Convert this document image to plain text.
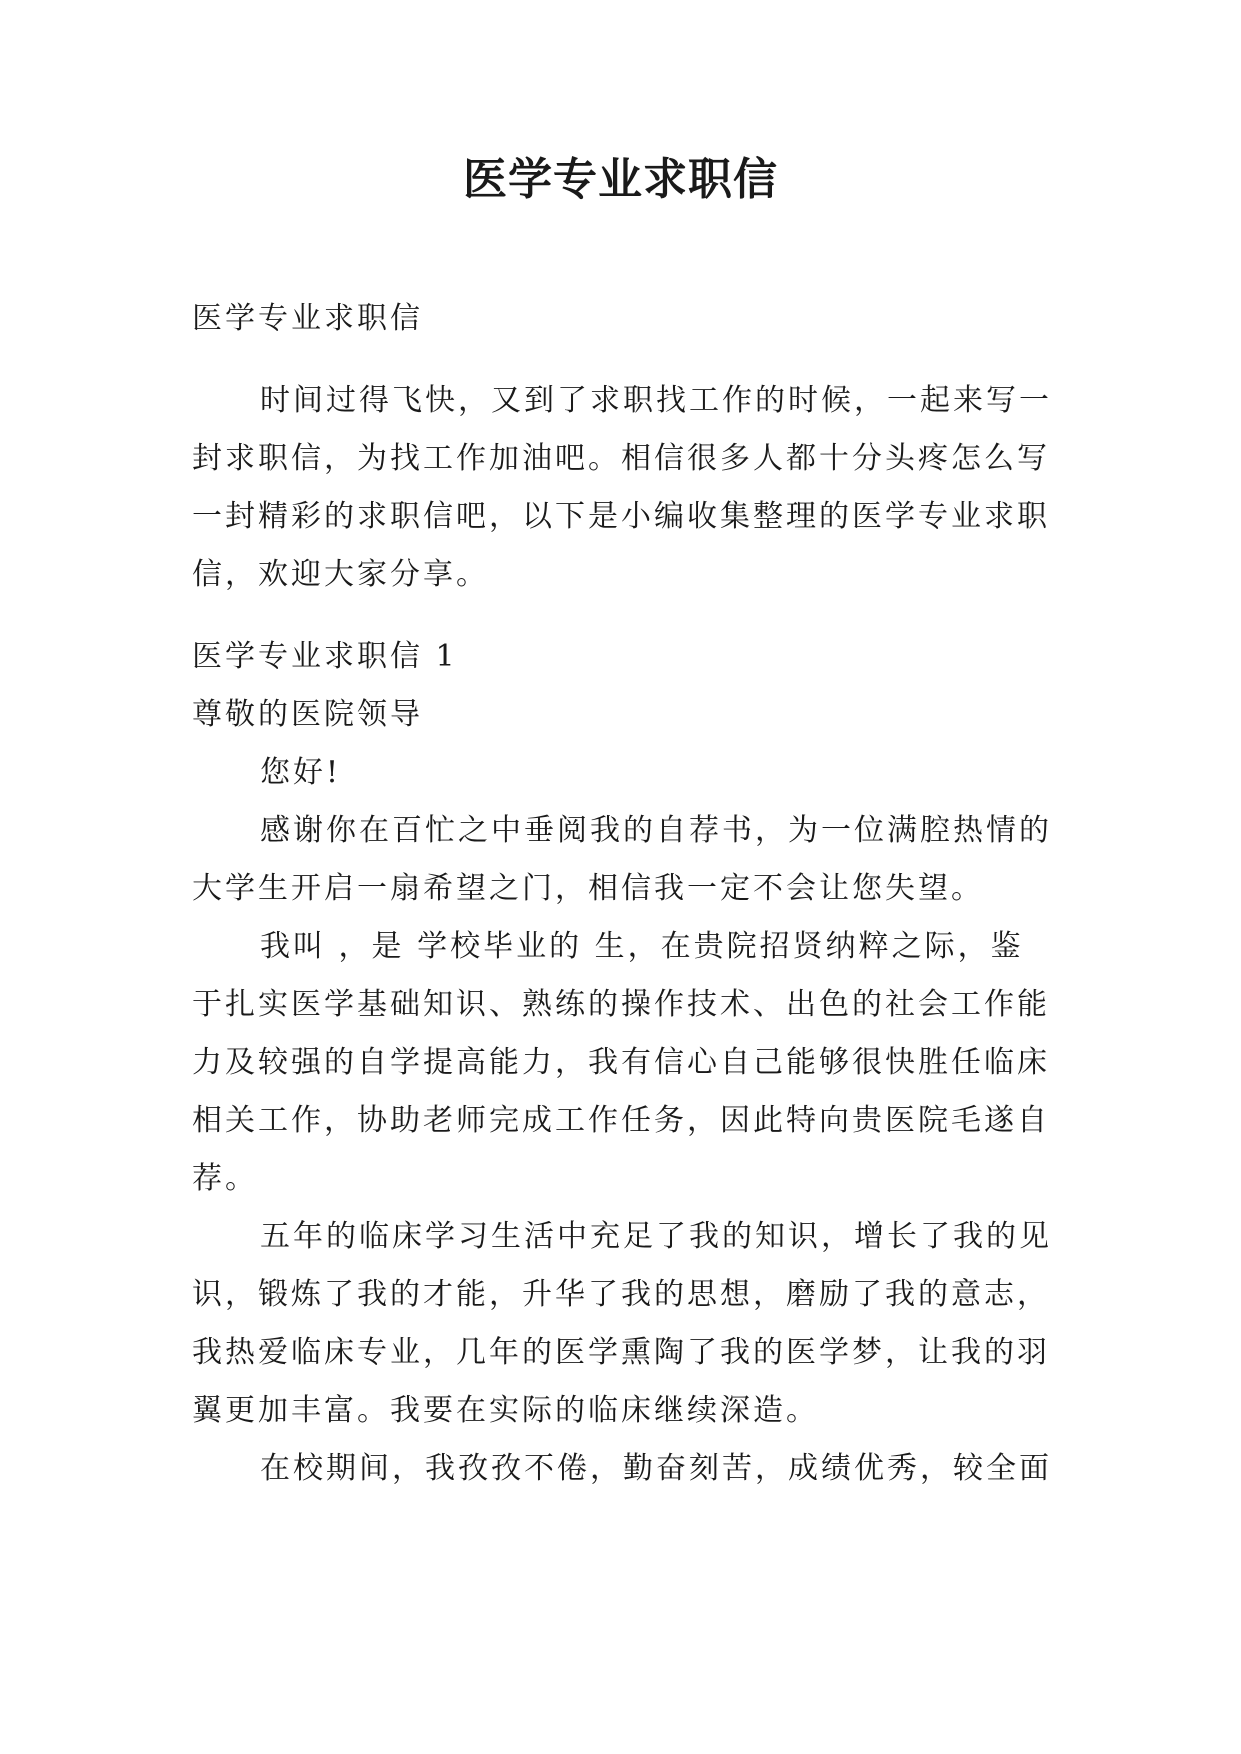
医学专业求职信
医学专业求职信
时间过得飞快，又到了求职找工作的时候，一起来写一
封求职信，为找工作加油吧。相信很多人都十分头疼怎么写
一封精彩的求职信吧，以下是小编收集整理的医学专业求职
信，欢迎大家分享。
医学专业求职信 1
尊敬的医院领导
您好!
感谢你在百忙之中垂阅我的自荐书，为一位满腔热情的
大学生开启一扇希望之门，相信我一定不会让您失望。
我叫 ，是 学校毕业的 生，在贵院招贤纳粹之际，鉴
于扎实医学基础知识、熟练的操作技术、出色的社会工作能
力及较强的自学提高能力，我有信心自己能够很快胜任临床
相关工作，协助老师完成工作任务，因此特向贵医院毛遂自
荐。
五年的临床学习生活中充足了我的知识，增长了我的见
识，锻炼了我的才能，升华了我的思想，磨励了我的意志，
我热爱临床专业，几年的医学熏陶了我的医学梦，让我的羽
翼更加丰富。我要在实际的临床继续深造。
在校期间，我孜孜不倦，勤奋刻苦，成绩优秀，较全面
